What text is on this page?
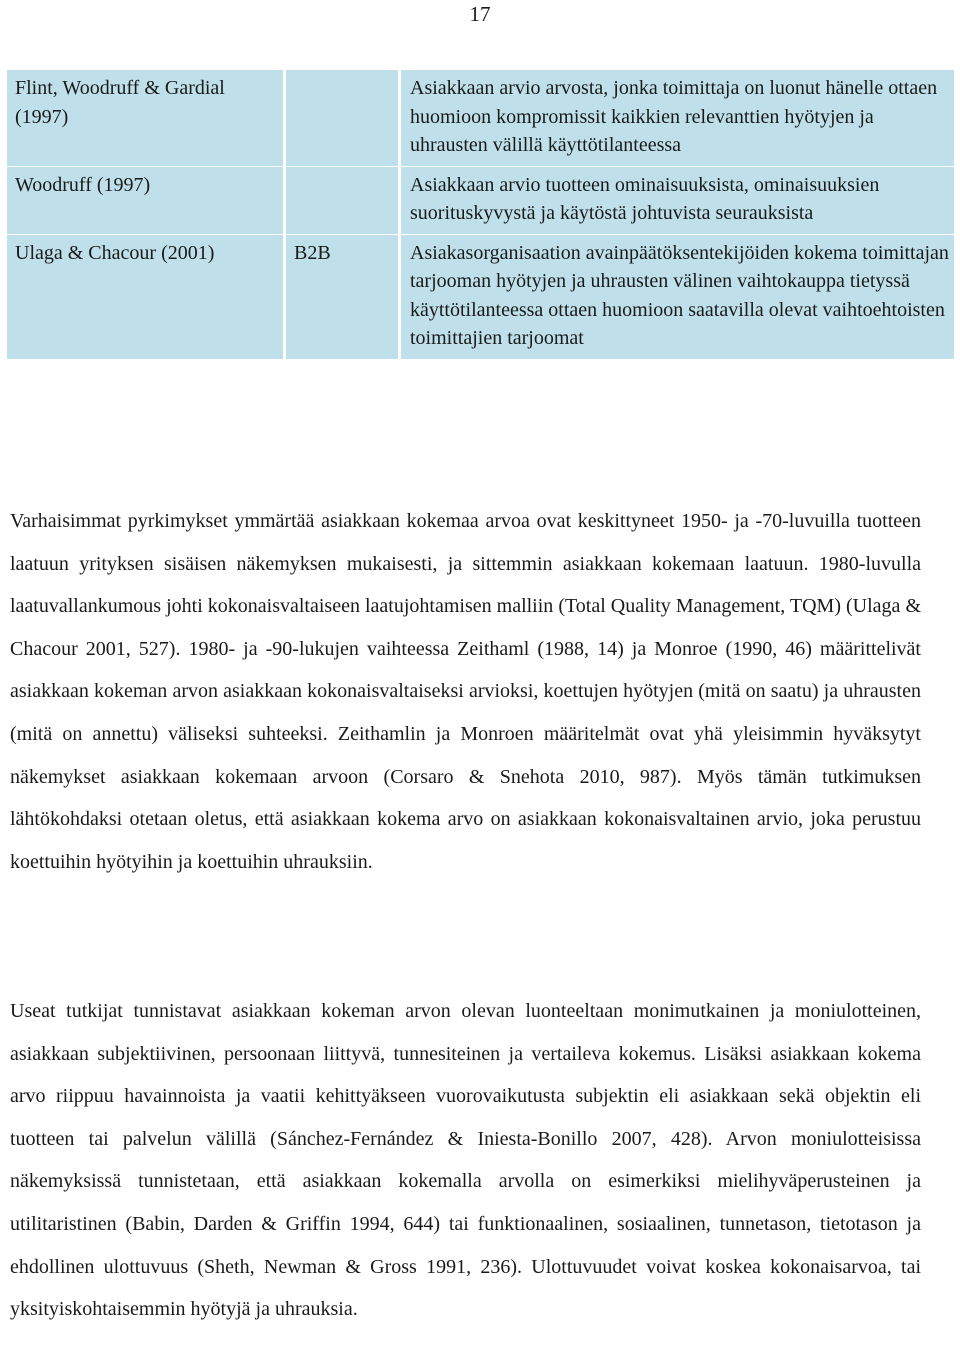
17
Flint, Woodruff & Gardial (1997)		Asiakkaan arvio arvosta, jonka toimittaja on luonut hänelle ottaen huomioon kompromissit kaikkien relevanttien hyötyjen ja uhrausten välillä käyttötilanteessa
Woodruff (1997)		Asiakkaan arvio tuotteen ominaisuuksista, ominaisuuksien suorituskyvystä ja käytöstä johtuvista seurauksista
Ulaga & Chacour (2001)	B2B	Asiakasorganisaation avainpäätöksentekijöiden kokema toimittajan tarjooman hyötyjen ja uhrausten välinen vaihtokauppa tietyssä käyttötilanteessa ottaen huomioon saatavilla olevat vaihtoehtoisten toimittajien tarjoomat

Varhaisimmat pyrkimykset ymmärtää asiakkaan kokemaa arvoa ovat keskittyneet 1950- ja -70-luvuilla tuotteen laatuun yrityksen sisäisen näkemyksen mukaisesti, ja sittemmin asiakkaan kokemaan laatuun. 1980-luvulla laatuvallankumous johti kokonaisvaltaiseen laatujohtamisen malliin (Total Quality Management, TQM) (Ulaga & Chacour 2001, 527). 1980- ja -90-lukujen vaihteessa Zeithaml (1988, 14) ja Monroe (1990, 46) määrittelivät asiakkaan kokeman arvon asiakkaan kokonaisvaltaiseksi arvioksi, koettujen hyötyjen (mitä on saatu) ja uhrausten (mitä on annettu) väliseksi suhteeksi. Zeithamlin ja Monroen määritelmät ovat yhä yleisimmin hyväksytyt näkemykset asiakkaan kokemaan arvoon (Corsaro & Snehota 2010, 987). Myös tämän tutkimuksen lähtökohdaksi otetaan oletus, että asiakkaan kokema arvo on asiakkaan kokonaisvaltainen arvio, joka perustuu koettuihin hyötyihin ja koettuihin uhrauksiin.

Useat tutkijat tunnistavat asiakkaan kokeman arvon olevan luonteeltaan monimutkainen ja moniulotteinen, asiakkaan subjektiivinen, persoonaan liittyvä, tunnesiteinen ja vertaileva kokemus. Lisäksi asiakkaan kokema arvo riippuu havainnoista ja vaatii kehittyäkseen vuorovaikutusta subjektin eli asiakkaan sekä objektin eli tuotteen tai palvelun välillä (Sánchez-Fernández & Iniesta-Bonillo 2007, 428). Arvon moniulotteisissa näkemyksissä tunnistetaan, että asiakkaan kokemalla arvolla on esimerkiksi mielihyväperusteinen ja utilitaristinen (Babin, Darden & Griffin 1994, 644) tai funktionaalinen, sosiaalinen, tunnetason, tietotason ja ehdollinen ulottuvuus (Sheth, Newman & Gross 1991, 236). Ulottuvuudet voivat koskea kokonaisarvoa, tai yksityiskohtaisemmin hyötyjä ja uhrauksia.
